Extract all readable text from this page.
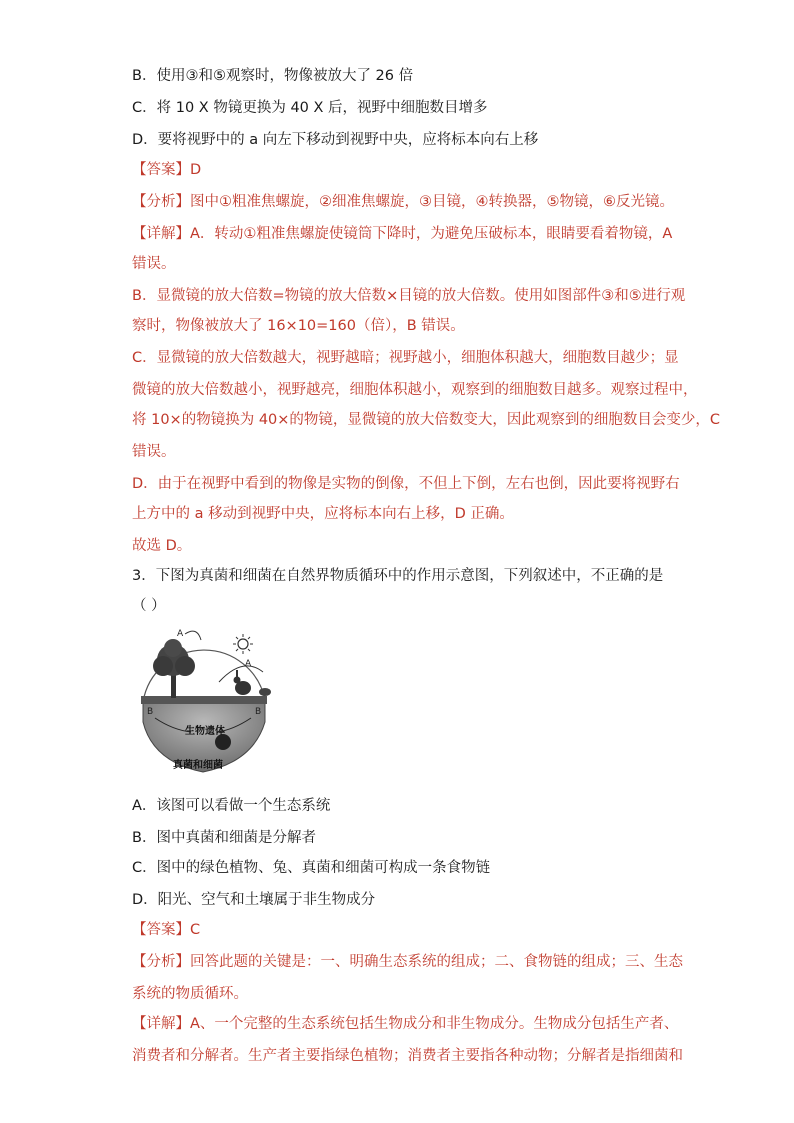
B．使用③和⑤观察时，物像被放大了 26 倍
C．将 10 X 物镜更换为 40 X 后，视野中细胞数目增多
D．要将视野中的 a 向左下移动到视野中央，应将标本向右上移
【答案】D
【分析】图中①粗准焦螺旋，②细准焦螺旋，③目镜，④转换器，⑤物镜，⑥反光镜。
【详解】A．转动①粗准焦螺旋使镜筒下降时，为避免压破标本，眼睛要看着物镜，A
错误。
B．显微镜的放大倍数=物镜的放大倍数×目镜的放大倍数。使用如图部件③和⑤进行观
察时，物像被放大了 16×10=160（倍），B 错误。
C．显微镜的放大倍数越大，视野越暗；视野越小，细胞体积越大，细胞数目越少；显
微镜的放大倍数越小，视野越亮，细胞体积越小，观察到的细胞数目越多。观察过程中，
将 10×的物镜换为 40×的物镜，显微镜的放大倍数变大，因此观察到的细胞数目会变少，C
错误。
D．由于在视野中看到的物像是实物的倒像，不但上下倒，左右也倒，因此要将视野右
上方中的 a 移动到视野中央，应将标本向右上移，D 正确。
故选 D。
3．下图为真菌和细菌在自然界物质循环中的作用示意图，下列叙述中，不正确的是
（ ）
A
A
B	B
生物遗体
真菌和细菌
A．该图可以看做一个生态系统
B．图中真菌和细菌是分解者
C．图中的绿色植物、兔、真菌和细菌可构成一条食物链
D．阳光、空气和土壤属于非生物成分
【答案】C
【分析】回答此题的关键是：一、明确生态系统的组成；二、食物链的组成；三、生态
系统的物质循环。
【详解】A、一个完整的生态系统包括生物成分和非生物成分。生物成分包括生产者、
消费者和分解者。生产者主要指绿色植物；消费者主要指各种动物；分解者是指细菌和
